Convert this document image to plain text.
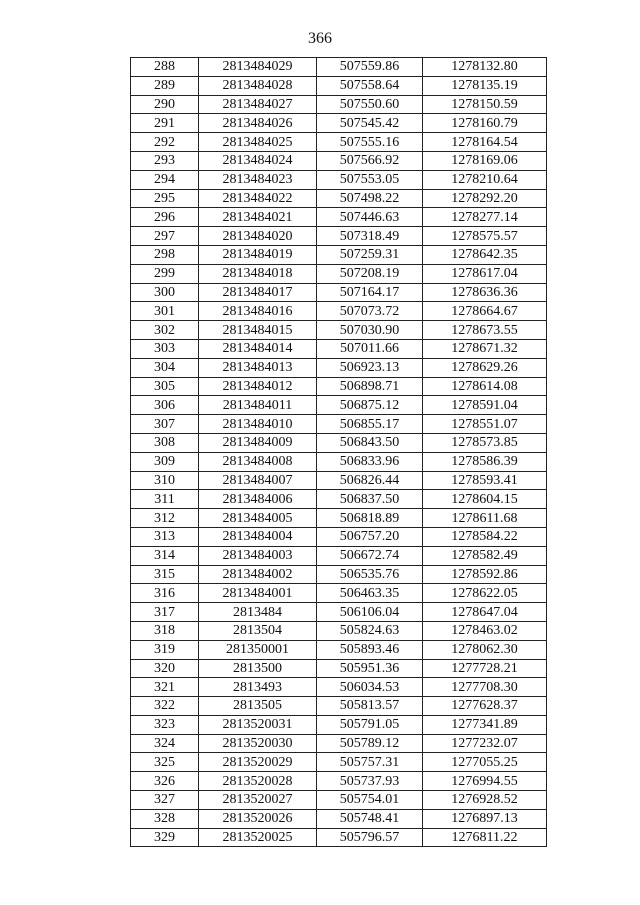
366
288	2813484029	507559.86	1278132.80
289	2813484028	507558.64	1278135.19
290	2813484027	507550.60	1278150.59
291	2813484026	507545.42	1278160.79
292	2813484025	507555.16	1278164.54
293	2813484024	507566.92	1278169.06
294	2813484023	507553.05	1278210.64
295	2813484022	507498.22	1278292.20
296	2813484021	507446.63	1278277.14
297	2813484020	507318.49	1278575.57
298	2813484019	507259.31	1278642.35
299	2813484018	507208.19	1278617.04
300	2813484017	507164.17	1278636.36
301	2813484016	507073.72	1278664.67
302	2813484015	507030.90	1278673.55
303	2813484014	507011.66	1278671.32
304	2813484013	506923.13	1278629.26
305	2813484012	506898.71	1278614.08
306	2813484011	506875.12	1278591.04
307	2813484010	506855.17	1278551.07
308	2813484009	506843.50	1278573.85
309	2813484008	506833.96	1278586.39
310	2813484007	506826.44	1278593.41
311	2813484006	506837.50	1278604.15
312	2813484005	506818.89	1278611.68
313	2813484004	506757.20	1278584.22
314	2813484003	506672.74	1278582.49
315	2813484002	506535.76	1278592.86
316	2813484001	506463.35	1278622.05
317	2813484	506106.04	1278647.04
318	2813504	505824.63	1278463.02
319	281350001	505893.46	1278062.30
320	2813500	505951.36	1277728.21
321	2813493	506034.53	1277708.30
322	2813505	505813.57	1277628.37
323	2813520031	505791.05	1277341.89
324	2813520030	505789.12	1277232.07
325	2813520029	505757.31	1277055.25
326	2813520028	505737.93	1276994.55
327	2813520027	505754.01	1276928.52
328	2813520026	505748.41	1276897.13
329	2813520025	505796.57	1276811.22
